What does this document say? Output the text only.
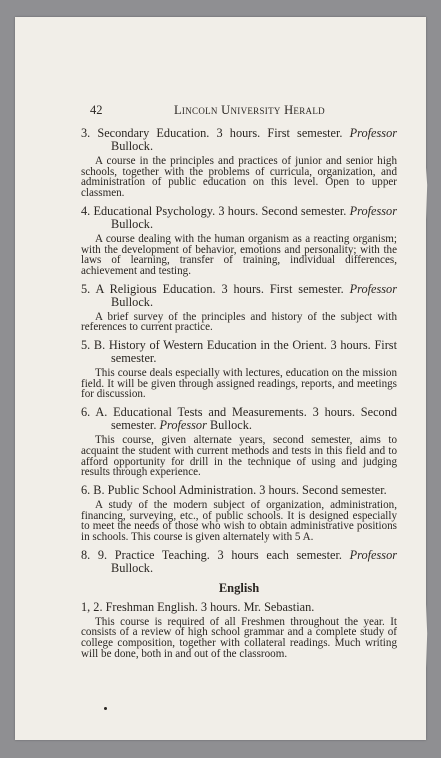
42	Lincoln University Herald
3. Secondary Education. 3 hours. First semester. Professor Bullock.
A course in the principles and practices of junior and senior high schools, together with the problems of curricula, organization, and administration of public education on this level. Open to upper classmen.
4. Educational Psychology. 3 hours. Second semester. Professor Bullock.
A course dealing with the human organism as a reacting organism; with the development of behavior, emotions and personality; with the laws of learning, transfer of training, individual differences, achievement and testing.
5. A Religious Education. 3 hours. First semester. Professor Bullock.
A brief survey of the principles and history of the subject with references to current practice.
5. B. History of Western Education in the Orient. 3 hours. First semester.
This course deals especially with lectures, education on the mission field. It will be given through assigned readings, reports, and meetings for discussion.
6. A. Educational Tests and Measurements. 3 hours. Second semester. Professor Bullock.
This course, given alternate years, second semester, aims to acquaint the student with current methods and tests in this field and to afford opportunity for drill in the technique of using and judging results through experience.
6. B. Public School Administration. 3 hours. Second semester.
A study of the modern subject of organization, administration, financing, surveying, etc., of public schools. It is designed especially to meet the needs of those who wish to obtain administrative positions in schools. This course is given alternately with 5 A.
8. 9. Practice Teaching. 3 hours each semester. Professor Bullock.
English
1, 2. Freshman English. 3 hours. Mr. Sebastian.
This course is required of all Freshmen throughout the year. It consists of a review of high school grammar and a complete study of college composition, together with collateral readings. Much writing will be done, both in and out of the classroom.
